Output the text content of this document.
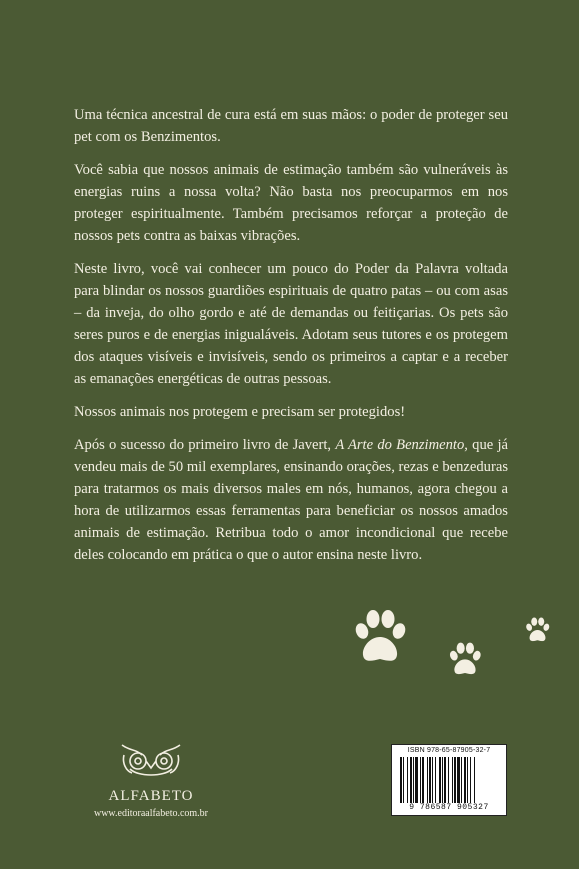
Uma técnica ancestral de cura está em suas mãos: o poder de proteger seu pet com os Benzimentos.

Você sabia que nossos animais de estimação também são vulneráveis às energias ruins a nossa volta? Não basta nos preocuparmos em nos proteger espiritualmente. Também precisamos reforçar a proteção de nossos pets contra as baixas vibrações.

Neste livro, você vai conhecer um pouco do Poder da Palavra voltada para blindar os nossos guardiões espirituais de quatro patas – ou com asas – da inveja, do olho gordo e até de demandas ou feitiçarias. Os pets são seres puros e de energias inigualáveis. Adotam seus tutores e os protegem dos ataques visíveis e invisíveis, sendo os primeiros a captar e a receber as emanações energéticas de outras pessoas.

Nossos animais nos protegem e precisam ser protegidos!

Após o sucesso do primeiro livro de Javert, A Arte do Benzimento, que já vendeu mais de 50 mil exemplares, ensinando orações, rezas e benzeduras para tratarmos os mais diversos males em nós, humanos, agora chegou a hora de utilizarmos essas ferramentas para beneficiar os nossos amados animais de estimação. Retribua todo o amor incondicional que recebe deles colocando em prática o que o autor ensina neste livro.

ALFABETO
www.editoraalfabeto.com.br
ISBN 978-65-87905-32-7
9 786587 905327
